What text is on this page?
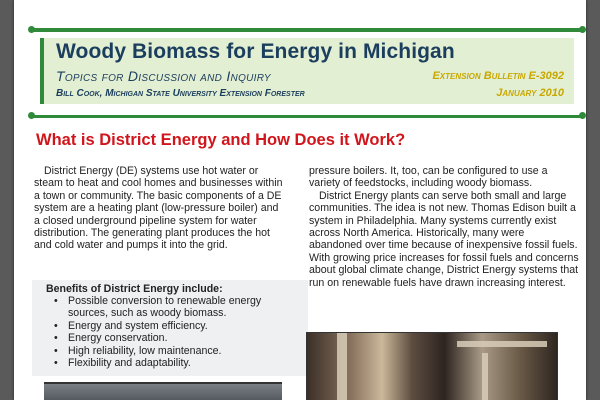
Woody Biomass for Energy in Michigan
Topics for Discussion and Inquiry
Bill Cook, Michigan State University Extension Forester
Extension Bulletin E-3092
January 2010
What is District Energy and How Does it Work?

District Energy (DE) systems use hot water or steam to heat and cool homes and businesses within a town or community. The basic components of a DE system are a heating plant (low-pressure boiler) and a closed underground pipeline system for water distribution. The generating plant produces the hot and cold water and pumps it into the grid.

Benefits of District Energy include:
• Possible conversion to renewable energy sources, such as woody biomass.
• Energy and system efficiency.
• Energy conservation.
• High reliability, low maintenance.
• Flexibility and adaptability.

pressure boilers. It, too, can be configured to use a variety of feedstocks, including woody biomass.

District Energy plants can serve both small and large communities. The idea is not new. Thomas Edison built a system in Philadelphia. Many systems currently exist across North America. Historically, many were abandoned over time because of inexpensive fossil fuels. With growing price increases for fossil fuels and concerns about global climate change, District Energy systems that run on renewable fuels have drawn increasing interest.
